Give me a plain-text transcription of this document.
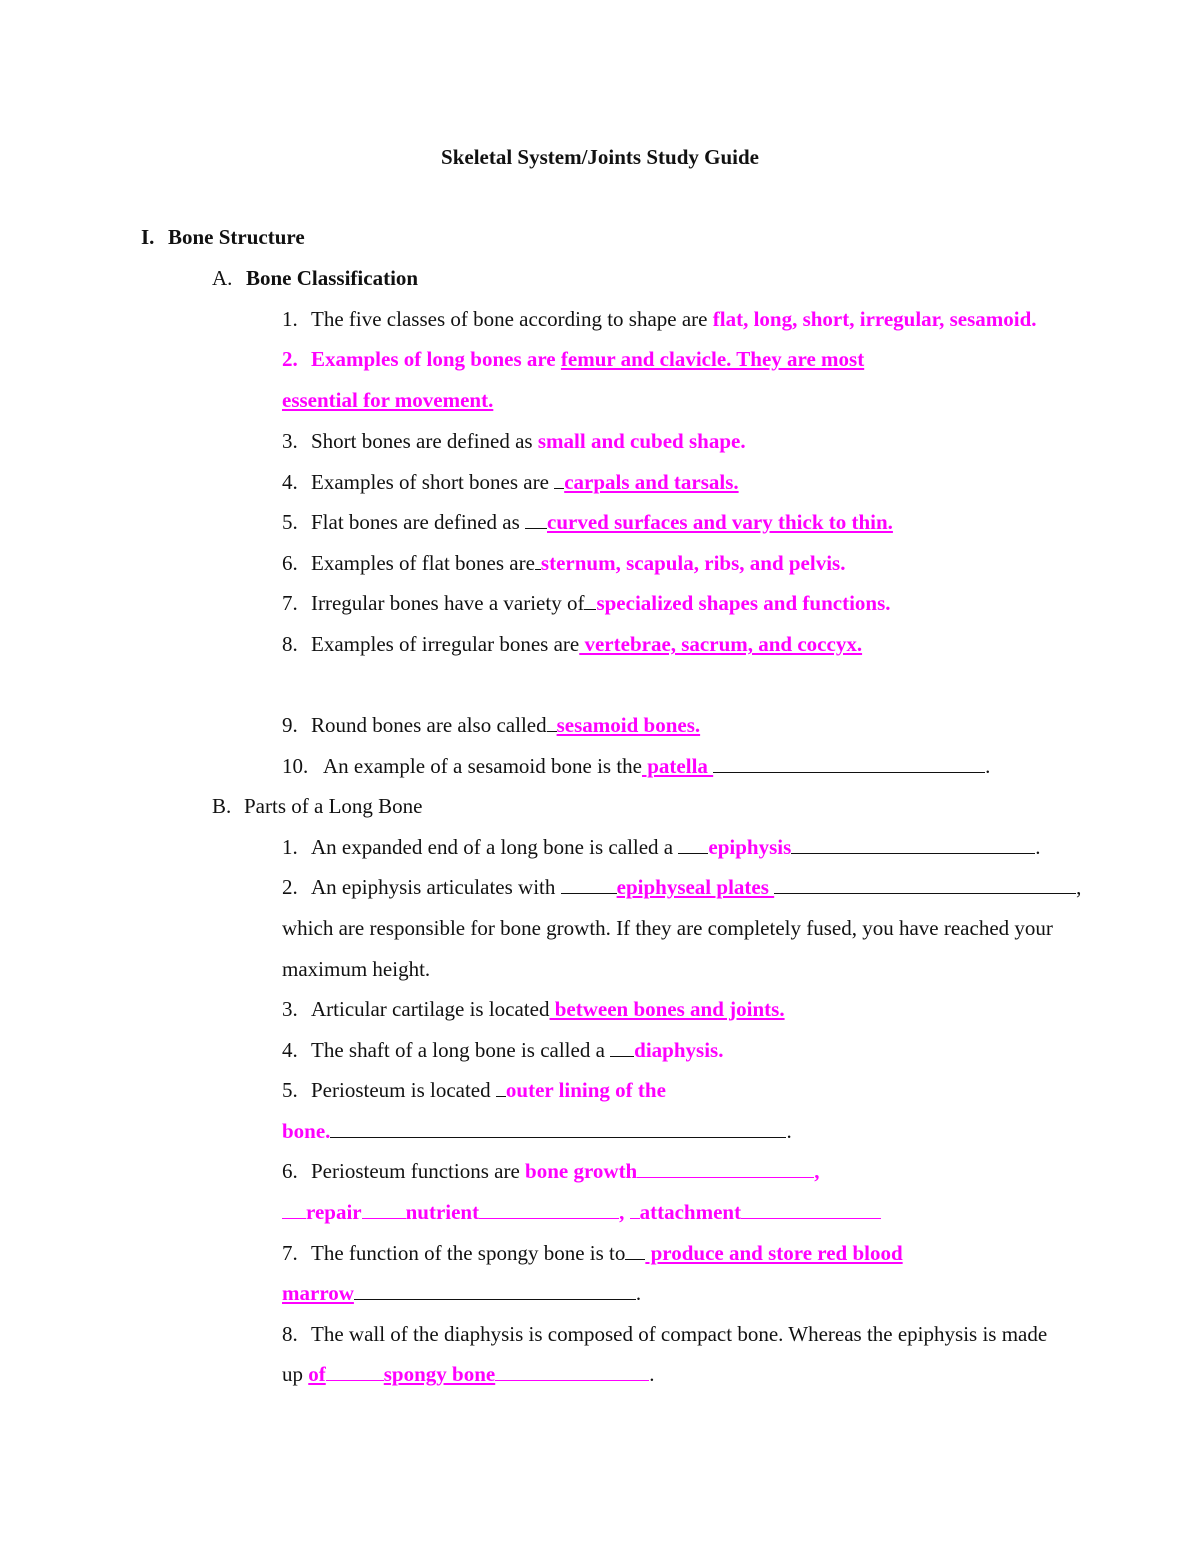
Skeletal System/Joints Study Guide
I. Bone Structure
A. Bone Classification
1. The five classes of bone according to shape are flat, long, short, irregular, sesamoid.
2. Examples of long bones are femur and clavicle. They are most
essential for movement.
3. Short bones are defined as small and cubed shape.
4. Examples of short bones are carpals and tarsals.
5. Flat bones are defined as curved surfaces and vary thick to thin.
6. Examples of flat bones are sternum, scapula, ribs, and pelvis.
7. Irregular bones have a variety of specialized shapes and functions.
8. Examples of irregular bones are vertebrae, sacrum, and coccyx.
9. Round bones are also called sesamoid bones.
10. An example of a sesamoid bone is the patella	.
B. Parts of a Long Bone
1. An expanded end of a long bone is called a epiphysis	.
2. An epiphysis articulates with	epiphyseal plates	,
which are responsible for bone growth. If they are completely fused, you have reached your
maximum height.
3. Articular cartilage is located between bones and joints.
4. The shaft of a long bone is called a diaphysis.
5. Periosteum is located outer lining of the
bone.	.
6. Periosteum functions are bone growth	,
repair nutrient	, attachment
7. The function of the spongy bone is to produce and store red blood
marrow	.
8. The wall of the diaphysis is composed of compact bone. Whereas the epiphysis is made
up of	spongy bone	.
